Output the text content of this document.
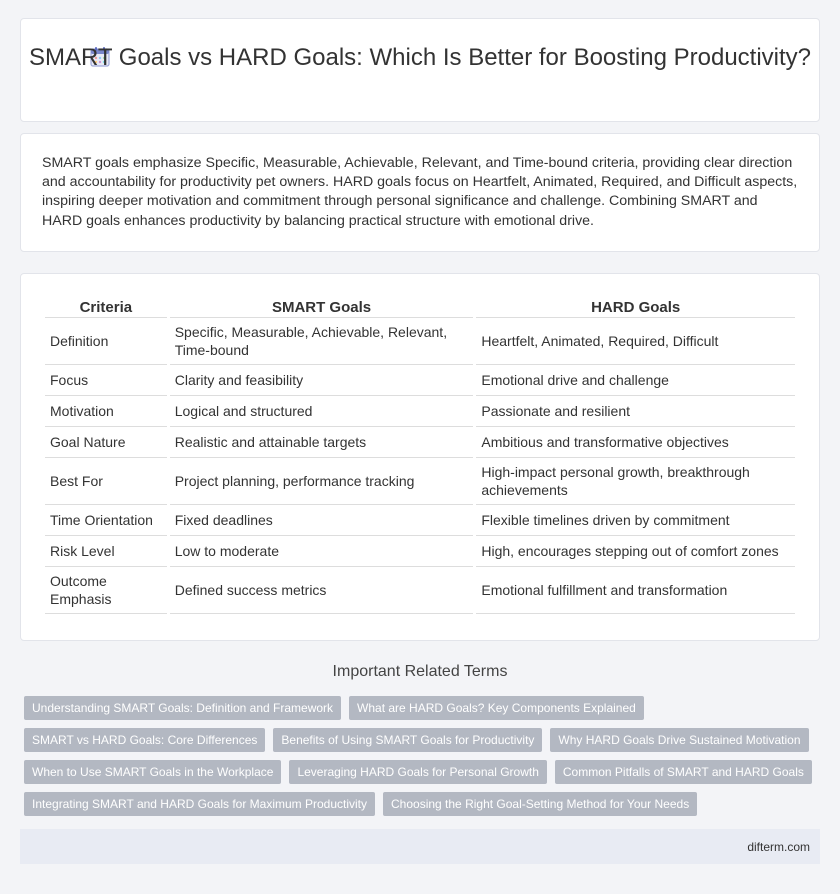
SMART Goals vs HARD Goals: Which Is Better for Boosting Productivity?

SMART goals emphasize Specific, Measurable, Achievable, Relevant, and Time-bound criteria, providing clear direction and accountability for productivity pet owners. HARD goals focus on Heartfelt, Animated, Required, and Difficult aspects, inspiring deeper motivation and commitment through personal significance and challenge. Combining SMART and HARD goals enhances productivity by balancing practical structure with emotional drive.

Criteria	SMART Goals	HARD Goals
Definition	Specific, Measurable, Achievable, Relevant, Time-bound	Heartfelt, Animated, Required, Difficult
Focus	Clarity and feasibility	Emotional drive and challenge
Motivation	Logical and structured	Passionate and resilient
Goal Nature	Realistic and attainable targets	Ambitious and transformative objectives
Best For	Project planning, performance tracking	High-impact personal growth, breakthrough achievements
Time Orientation	Fixed deadlines	Flexible timelines driven by commitment
Risk Level	Low to moderate	High, encourages stepping out of comfort zones
Outcome Emphasis	Defined success metrics	Emotional fulfillment and transformation
Important Related Terms
Understanding SMART Goals: Definition and Framework	What are HARD Goals? Key Components Explained
SMART vs HARD Goals: Core Differences	Benefits of Using SMART Goals for Productivity	Why HARD Goals Drive Sustained Motivation
When to Use SMART Goals in the Workplace	Leveraging HARD Goals for Personal Growth	Common Pitfalls of SMART and HARD Goals
Integrating SMART and HARD Goals for Maximum Productivity	Choosing the Right Goal-Setting Method for Your Needs
difterm.com
